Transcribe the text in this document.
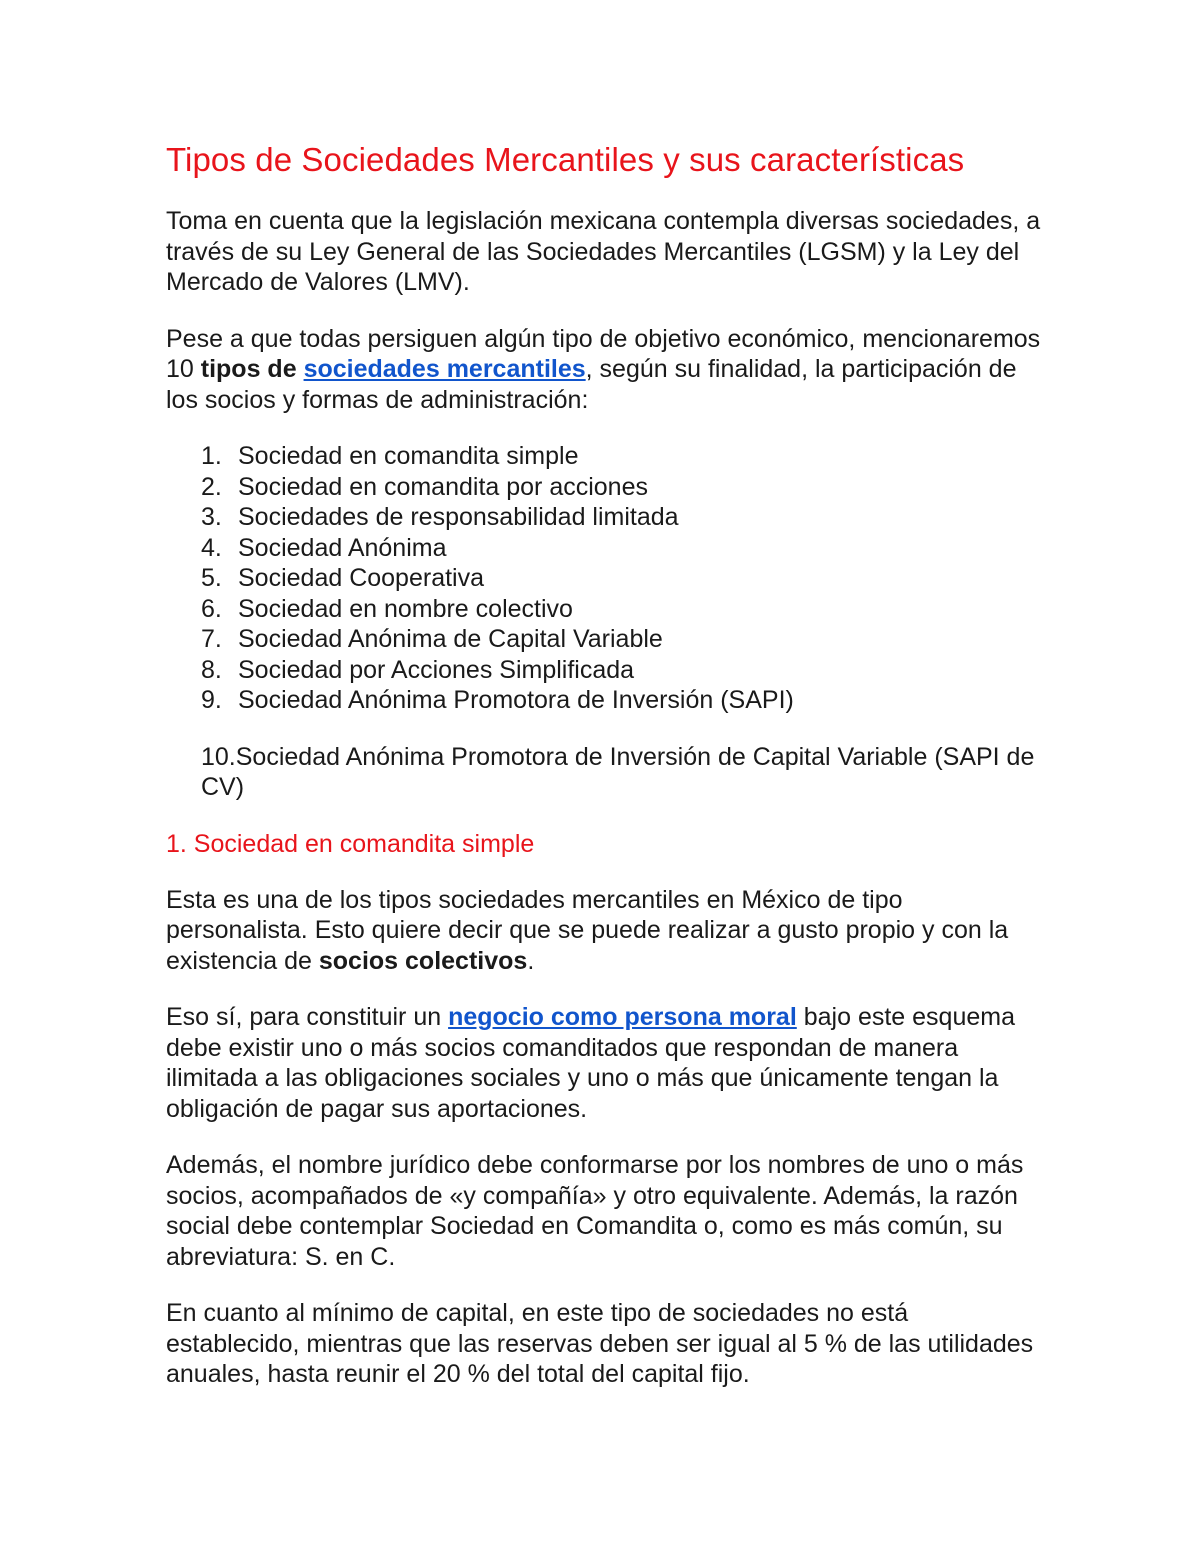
Tipos de Sociedades Mercantiles y sus características

Toma en cuenta que la legislación mexicana contempla diversas sociedades, a través de su Ley General de las Sociedades Mercantiles (LGSM) y la Ley del Mercado de Valores (LMV).

Pese a que todas persiguen algún tipo de objetivo económico, mencionaremos 10 tipos de sociedades mercantiles, según su finalidad, la participación de los socios y formas de administración:

1. Sociedad en comandita simple
2. Sociedad en comandita por acciones
3. Sociedades de responsabilidad limitada
4. Sociedad Anónima
5. Sociedad Cooperativa
6. Sociedad en nombre colectivo
7. Sociedad Anónima de Capital Variable
8. Sociedad por Acciones Simplificada
9. Sociedad Anónima Promotora de Inversión (SAPI)

10.Sociedad Anónima Promotora de Inversión de Capital Variable (SAPI de CV)

1. Sociedad en comandita simple

Esta es una de los tipos sociedades mercantiles en México de tipo personalista. Esto quiere decir que se puede realizar a gusto propio y con la existencia de socios colectivos.

Eso sí, para constituir un negocio como persona moral bajo este esquema debe existir uno o más socios comanditados que respondan de manera ilimitada a las obligaciones sociales y uno o más que únicamente tengan la obligación de pagar sus aportaciones.

Además, el nombre jurídico debe conformarse por los nombres de uno o más socios, acompañados de «y compañía» y otro equivalente. Además, la razón social debe contemplar Sociedad en Comandita o, como es más común, su abreviatura: S. en C.

En cuanto al mínimo de capital, en este tipo de sociedades no está establecido, mientras que las reservas deben ser igual al 5 % de las utilidades anuales, hasta reunir el 20 % del total del capital fijo.
